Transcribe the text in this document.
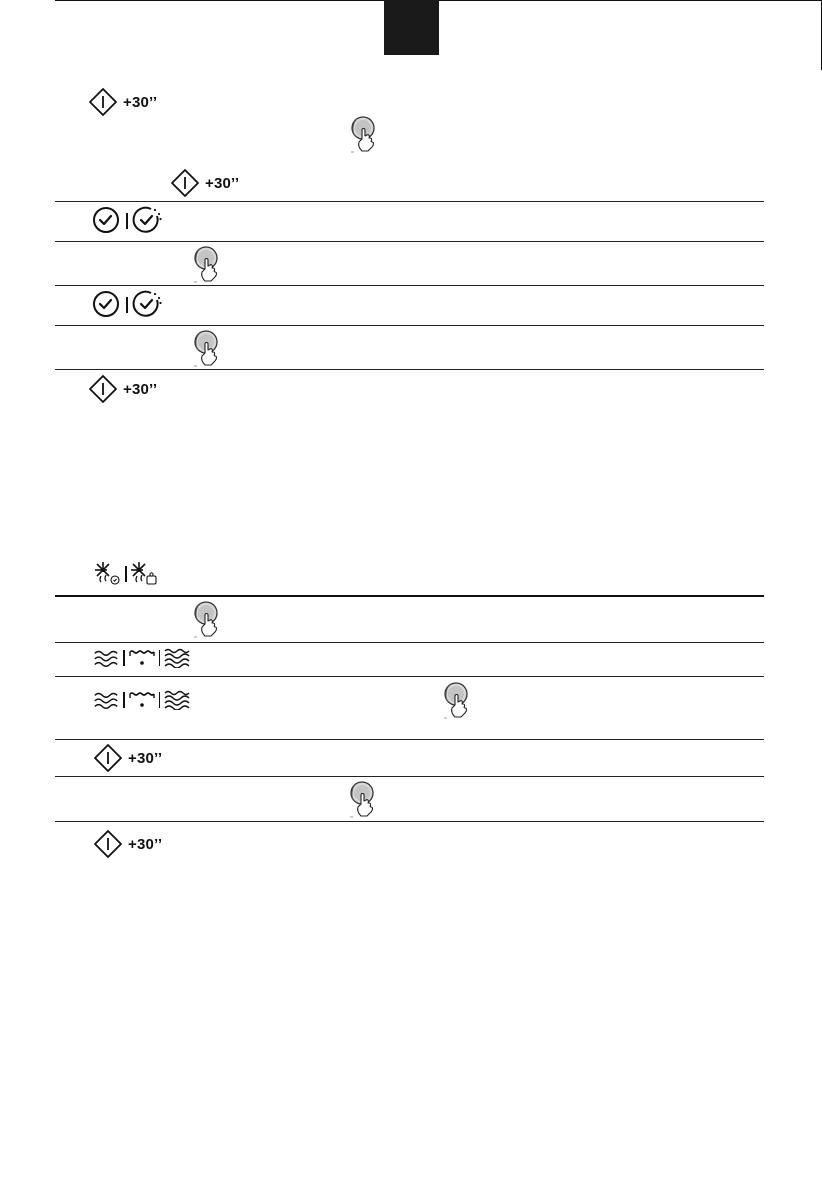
+30’’
+30’’
+30’’
+30’’
+30’’
